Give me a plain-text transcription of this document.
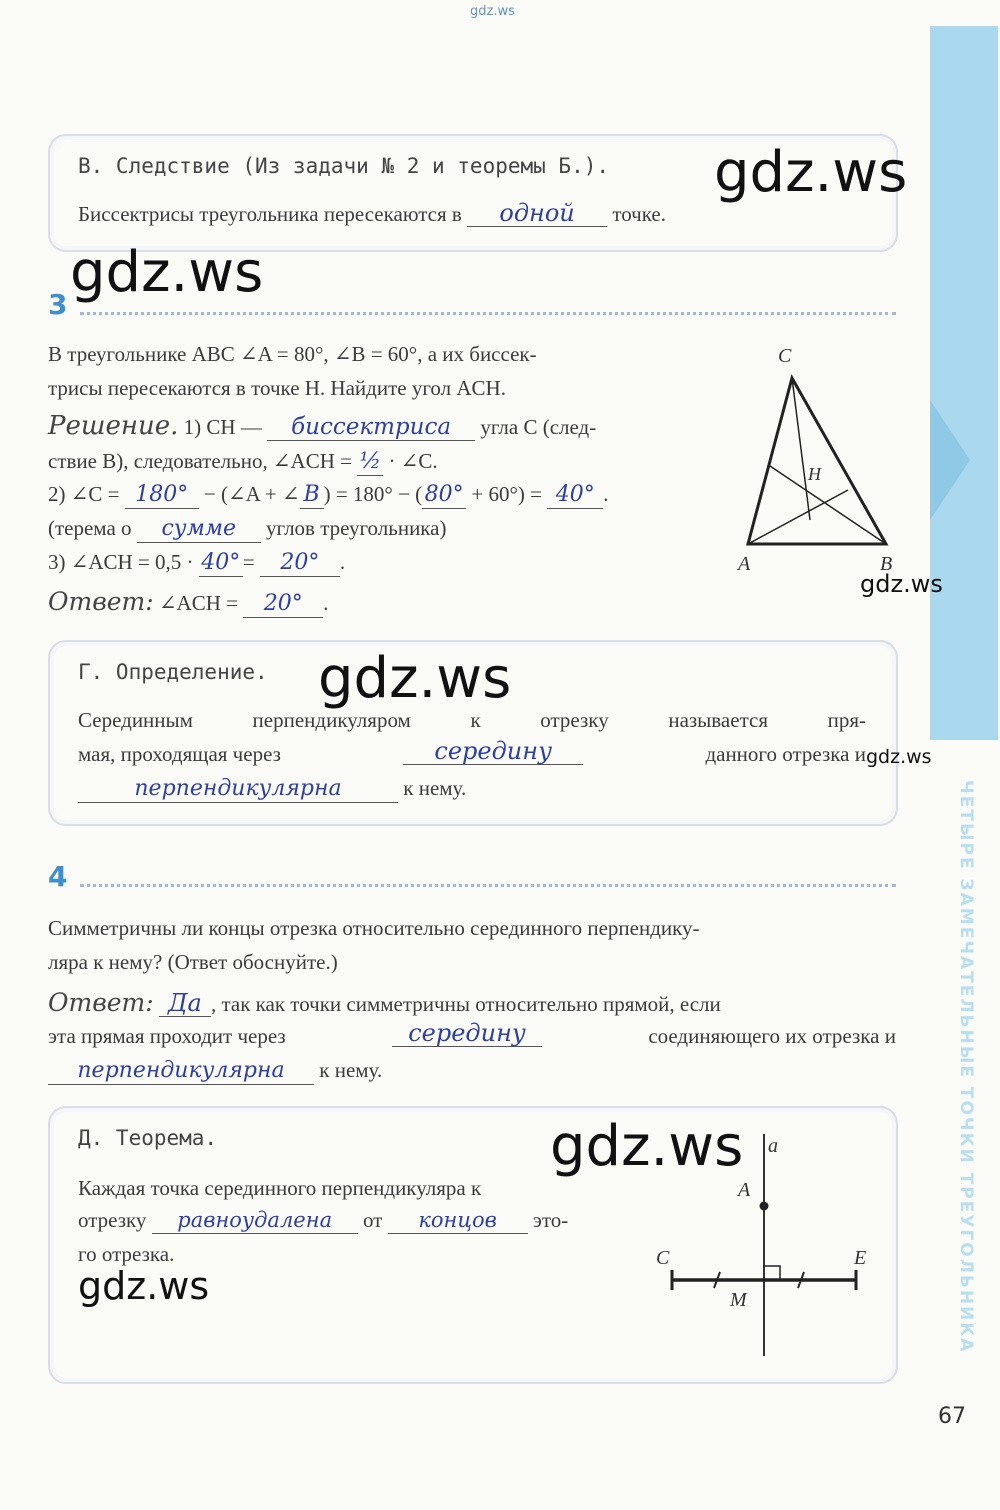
gdz.ws
ЧЕТЫРЕ ЗАМЕЧАТЕЛЬНЫЕ ТОЧКИ ТРЕУГОЛЬНИКА
В. Следствие (Из задачи № 2 и теоремы Б.).
Биссектрисы треугольника пересекаются в одной точке.
3
В треугольнике ABC ∠A = 80°, ∠B = 60°, а их биссек-
трисы пересекаются в точке H. Найдите угол ACH.
Решение. 1) CH — биссектриса угла C (след-
ствие В), следовательно, ∠ACH = ½ · ∠C.
2) ∠C = 180° − (∠A + ∠ B ) = 180° − ( 80° + 60°) = 40° .
(терема о сумме углов треугольника)
3) ∠ACH = 0,5 · 40° = 20° .
Ответ: ∠ACH = 20° .
C
A	B
H
Г. Определение.
Серединным перпендикуляром к отрезку называется пря-
мая, проходящая через	середину	данного отрезка и
перпендикулярна	к нему.
4
Симметричны ли концы отрезка относительно серединного перпендику-
ляра к нему? (Ответ обоснуйте.)
Ответ: Да , так как точки симметричны относительно прямой, если
эта прямая проходит через	середину	соединяющего их отрезка и
перпендикулярна к нему.
Д. Теорема.
Каждая точка серединного перпендикуляра к
отрезку равноудалена от концов это-
го отрезка.
a
A
C	E
M
gdz.ws
gdz.ws
gdz.ws
gdz.ws
gdz.ws
gdz.ws
gdz.ws
67
